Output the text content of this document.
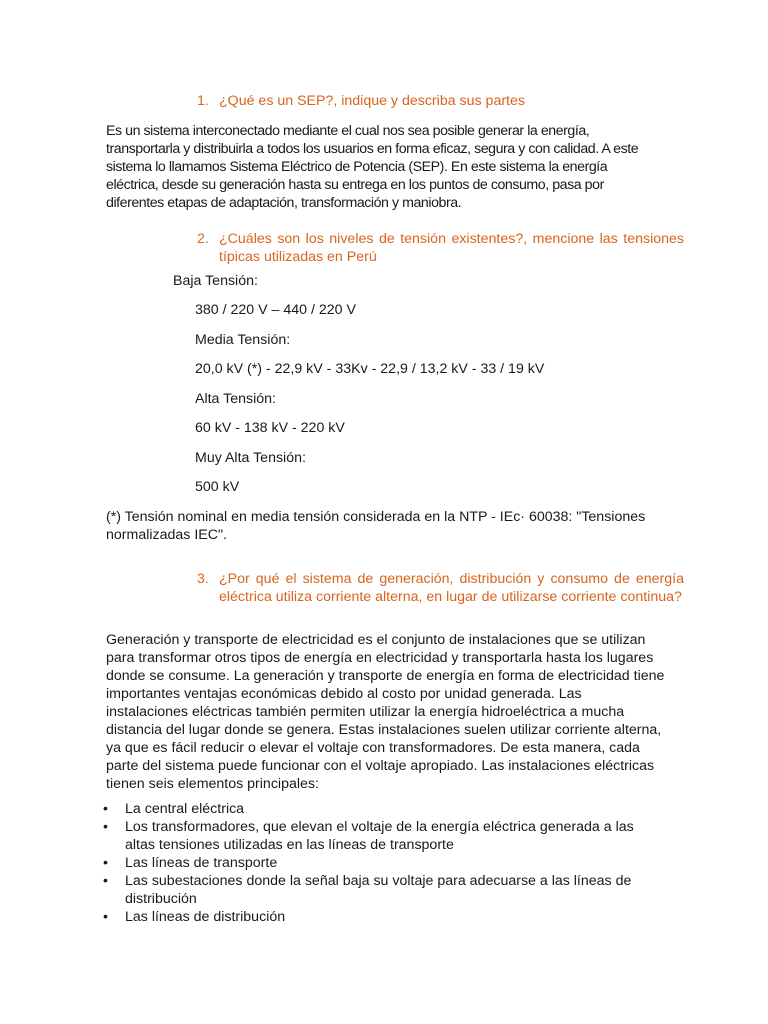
1. ¿Qué es un SEP?, indique y describa sus partes
Es un sistema interconectado mediante el cual nos sea posible generar la energía, transportarla y distribuirla a todos los usuarios en forma eficaz, segura y con calidad. A este sistema lo llamamos Sistema Eléctrico de Potencia (SEP). En este sistema la energía eléctrica, desde su generación hasta su entrega en los puntos de consumo, pasa por diferentes etapas de adaptación, transformación y maniobra.
2. ¿Cuáles son los niveles de tensión existentes?, mencione las tensiones típicas utilizadas en Perú
Baja Tensión:
380 / 220 V – 440 / 220 V
Media Tensión:
20,0 kV (*) - 22,9 kV - 33Kv - 22,9 / 13,2 kV - 33 / 19 kV
Alta Tensión:
60 kV - 138 kV - 220 kV
Muy Alta Tensión:
500 kV
(*) Tensión nominal en media tensión considerada en la NTP - IEc· 60038: "Tensiones normalizadas IEC".
3. ¿Por qué el sistema de generación, distribución y consumo de energía eléctrica utiliza corriente alterna, en lugar de utilizarse corriente continua?
Generación y transporte de electricidad es el conjunto de instalaciones que se utilizan para transformar otros tipos de energía en electricidad y transportarla hasta los lugares donde se consume. La generación y transporte de energía en forma de electricidad tiene importantes ventajas económicas debido al costo por unidad generada. Las instalaciones eléctricas también permiten utilizar la energía hidroeléctrica a mucha distancia del lugar donde se genera. Estas instalaciones suelen utilizar corriente alterna, ya que es fácil reducir o elevar el voltaje con transformadores. De esta manera, cada parte del sistema puede funcionar con el voltaje apropiado. Las instalaciones eléctricas tienen seis elementos principales:
• La central eléctrica
• Los transformadores, que elevan el voltaje de la energía eléctrica generada a las altas tensiones utilizadas en las líneas de transporte
• Las líneas de transporte
• Las subestaciones donde la señal baja su voltaje para adecuarse a las líneas de distribución
• Las líneas de distribución
